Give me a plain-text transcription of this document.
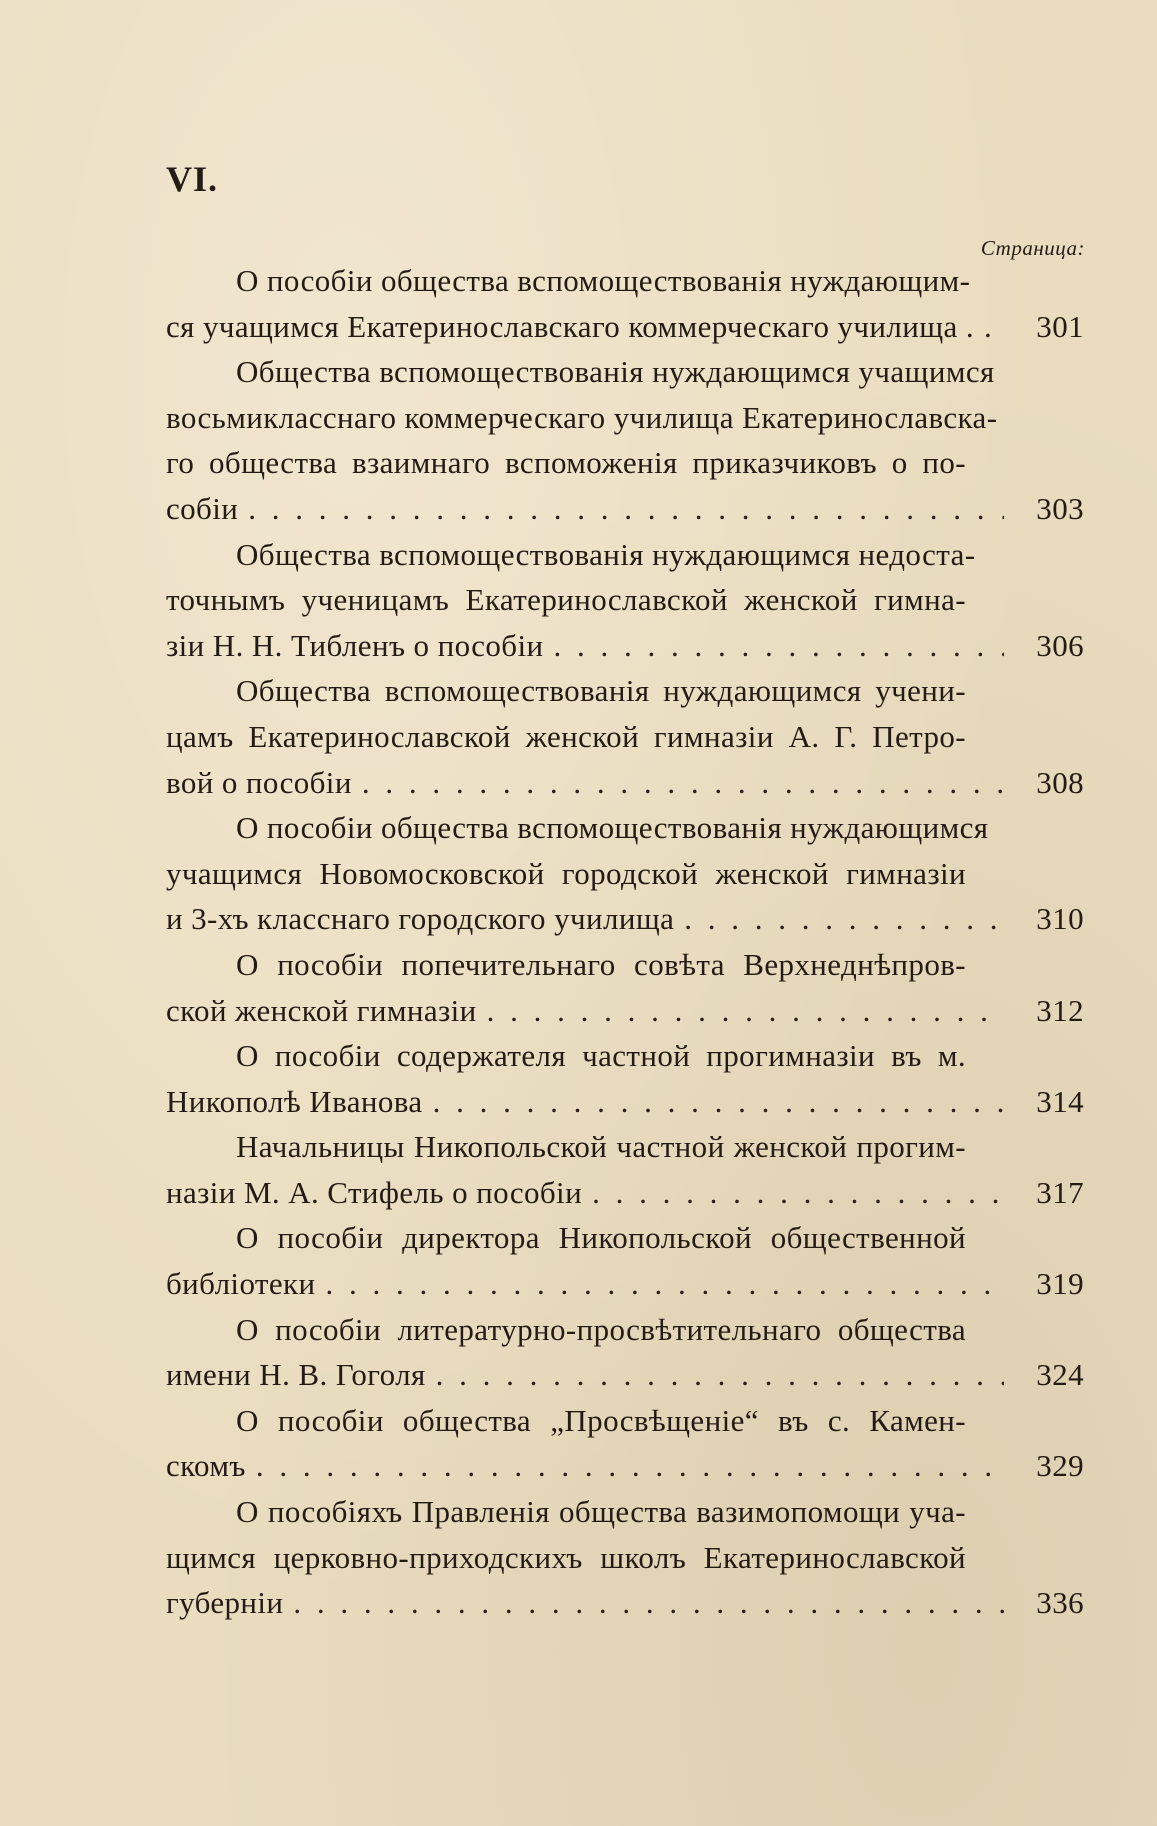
VI.
Страница:
О пособіи общества вспомоществованія нуждающим-
ся учащимся Екатеринославскаго коммерческаго училища . . . .	301
Общества вспомоществованія нуждающимся учащимся
восьмикласснаго коммерческаго училища Екатеринославска-
го общества взаимнаго вспоможенія приказчиковъ о по-
собіи . . .	303
Общества вспомоществованія нуждающимся недоста-
точнымъ ученицамъ Екатеринославской женской гимна-
зіи Н. Н. Тибленъ о пособіи . . .	306
Общества вспомоществованія нуждающимся учени-
цамъ Екатеринославской женской гимназіи А. Г. Петро-
вой о пособіи . . .	308
О пособіи общества вспомоществованія нуждающимся
учащимся Новомосковской городской женской гимназіи
и 3-хъ класснаго городского училища . . .	310
О пособіи попечительнаго совѣта Верхнеднѣпров-
ской женской гимназіи . . .	312
О пособіи содержателя частной прогимназіи въ м.
Никополѣ Иванова . . .	314
Начальницы Никопольской частной женской прогим-
назіи М. А. Стифель о пособіи . . .	317
О пособіи директора Никопольской общественной
библіотеки . . .	319
О пособіи литературно-просвѣтительнаго общества
имени Н. В. Гоголя . . .	324
О пособіи общества „Просвѣщеніе“ въ с. Камен-
скомъ . . .	329
О пособіяхъ Правленія общества вазимопомощи уча-
щимся церковно-приходскихъ школъ Екатеринославской
губерніи . . .	336
